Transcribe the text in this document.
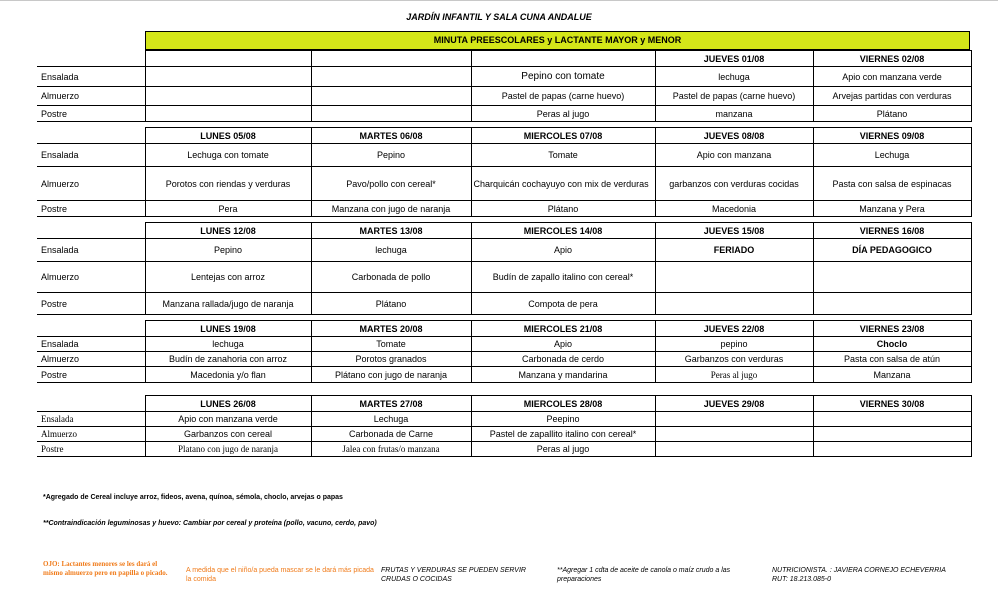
JARDÍN INFANTIL Y SALA CUNA ANDALUE
MINUTA PREESCOLARES y LACTANTE MAYOR y MENOR
				JUEVES 01/08	VIERNES 02/08
Ensalada			Pepino con tomate	lechuga	Apio con manzana verde
Almuerzo			Pastel de papas (carne huevo)	Pastel de papas (carne huevo)	Arvejas partidas con verduras
Postre			Peras al jugo	manzana	Plátano
	LUNES 05/08	MARTES 06/08	MIERCOLES 07/08	JUEVES 08/08	VIERNES 09/08
Ensalada	Lechuga con tomate	Pepino	Tomate	Apio con manzana	Lechuga
Almuerzo	Porotos con riendas y verduras	Pavo/pollo con cereal*	Charquicán cochayuyo con mix de verduras	garbanzos con verduras cocidas	Pasta con salsa de espinacas
Postre	Pera	Manzana con jugo de naranja	Plátano	Macedonia	Manzana y Pera
	LUNES 12/08	MARTES 13/08	MIERCOLES 14/08	JUEVES 15/08	VIERNES 16/08
Ensalada	Pepino	lechuga	Apio	FERIADO	DÍA PEDAGOGICO
Almuerzo	Lentejas con arroz	Carbonada de pollo	Budín de zapallo italino con cereal*		
Postre	Manzana rallada/jugo de naranja	Plátano	Compota de pera		
	LUNES 19/08	MARTES 20/08	MIERCOLES 21/08	JUEVES 22/08	VIERNES 23/08
Ensalada	lechuga	Tomate	Apio	pepino	Choclo
Almuerzo	Budín de zanahoria con arroz	Porotos granados	Carbonada de cerdo	Garbanzos con verduras	Pasta con salsa de atún
Postre	Macedonia y/o flan	Plátano con jugo de naranja	Manzana y mandarina	Peras al jugo	Manzana
	LUNES 26/08	MARTES 27/08	MIERCOLES 28/08	JUEVES 29/08	VIERNES 30/08
Ensalada	Apio con manzana verde	Lechuga	Peepino		
Almuerzo	Garbanzos con cereal	Carbonada de Carne	Pastel de zapallito italino con cereal*		
Postre	Platano con jugo de naranja	Jalea con frutas/o manzana	Peras al jugo		
*Agregado de Cereal incluye arroz, fideos, avena, quínoa, sémola, choclo, arvejas o papas
**Contraindicación leguminosas y huevo: Cambiar por cereal y proteína (pollo, vacuno, cerdo, pavo)
OJO: Lactantes menores se les dará el mismo almuerzo pero en papilla o picado.	A medida que el niño/a pueda mascar se le dará más picada la comida
FRUTAS Y VERDURAS SE PUEDEN SERVIR CRUDAS O COCIDAS
**Agregar 1 cdta de aceite de canola o maíz crudo a las preparaciones
NUTRICIONISTA. : JAVIERA CORNEJO ECHEVERRIA
RUT: 18.213.085-0
